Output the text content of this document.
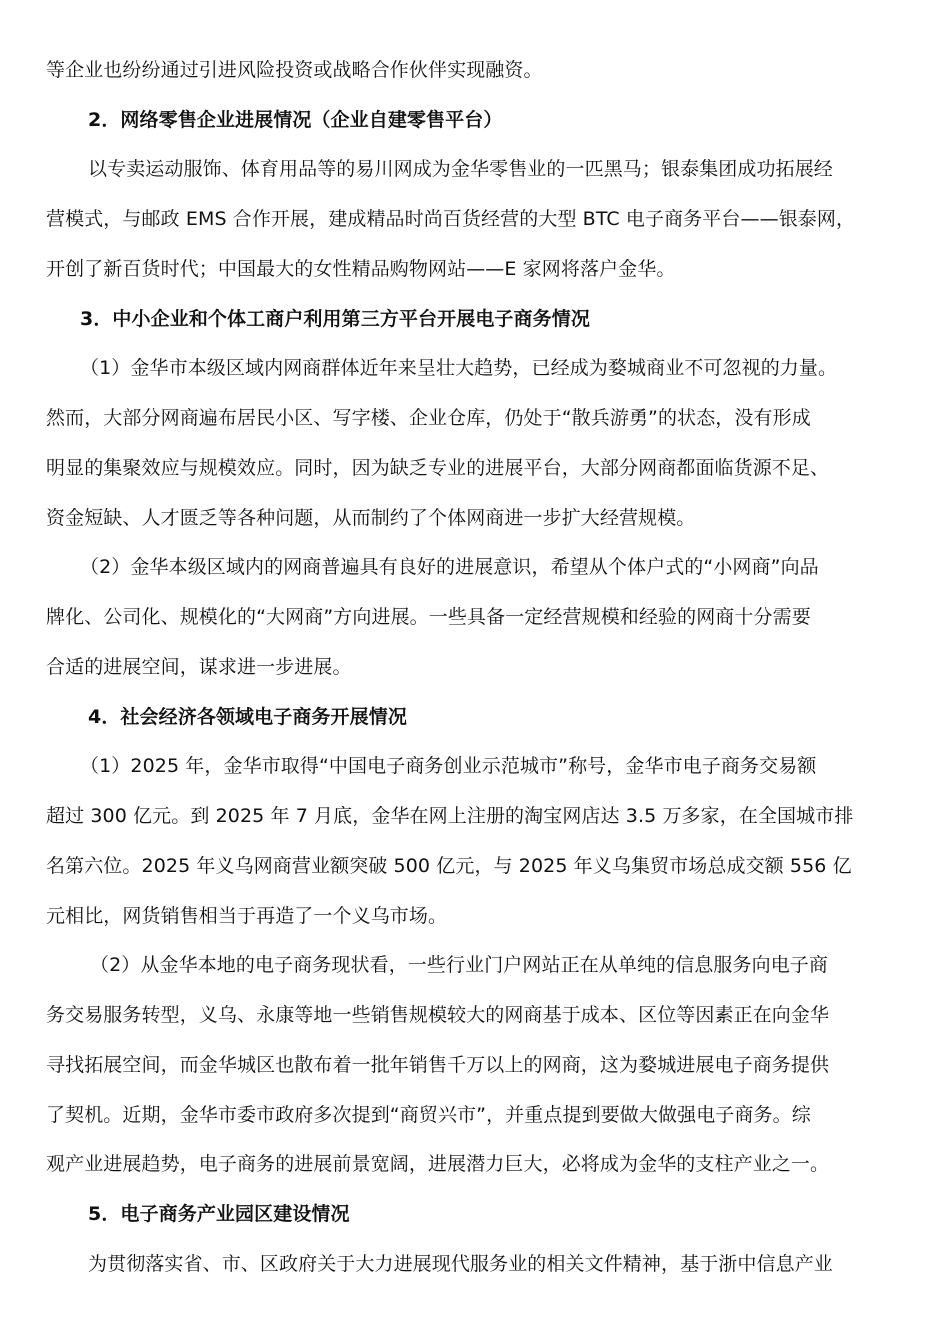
等企业也纷纷通过引进风险投资或战略合作伙伴实现融资。
2．网络零售企业进展情况（企业自建零售平台）
以专卖运动服饰、体育用品等的易川网成为金华零售业的一匹黑马；银泰集团成功拓展经
营模式，与邮政 EMS 合作开展，建成精品时尚百货经营的大型 BTC 电子商务平台——银泰网，
开创了新百货时代；中国最大的女性精品购物网站——E 家网将落户金华。
3．中小企业和个体工商户利用第三方平台开展电子商务情况
（1）金华市本级区域内网商群体近年来呈壮大趋势，已经成为婺城商业不可忽视的力量。
然而，大部分网商遍布居民小区、写字楼、企业仓库，仍处于“散兵游勇”的状态，没有形成
明显的集聚效应与规模效应。同时，因为缺乏专业的进展平台，大部分网商都面临货源不足、
资金短缺、人才匮乏等各种问题，从而制约了个体网商进一步扩大经营规模。
（2）金华本级区域内的网商普遍具有良好的进展意识，希望从个体户式的“小网商”向品
牌化、公司化、规模化的“大网商”方向进展。一些具备一定经营规模和经验的网商十分需要
合适的进展空间，谋求进一步进展。
4．社会经济各领域电子商务开展情况
（1）2025 年，金华市取得“中国电子商务创业示范城市”称号，金华市电子商务交易额
超过 300 亿元。到 2025 年 7 月底，金华在网上注册的淘宝网店达 3.5 万多家，在全国城市排
名第六位。2025 年义乌网商营业额突破 500 亿元，与 2025 年义乌集贸市场总成交额 556 亿
元相比，网货销售相当于再造了一个义乌市场。
（2）从金华本地的电子商务现状看，一些行业门户网站正在从单纯的信息服务向电子商
务交易服务转型，义乌、永康等地一些销售规模较大的网商基于成本、区位等因素正在向金华
寻找拓展空间，而金华城区也散布着一批年销售千万以上的网商，这为婺城进展电子商务提供
了契机。近期，金华市委市政府多次提到“商贸兴市”，并重点提到要做大做强电子商务。综
观产业进展趋势，电子商务的进展前景宽阔，进展潜力巨大，必将成为金华的支柱产业之一。
5．电子商务产业园区建设情况
为贯彻落实省、市、区政府关于大力进展现代服务业的相关文件精神，基于浙中信息产业
